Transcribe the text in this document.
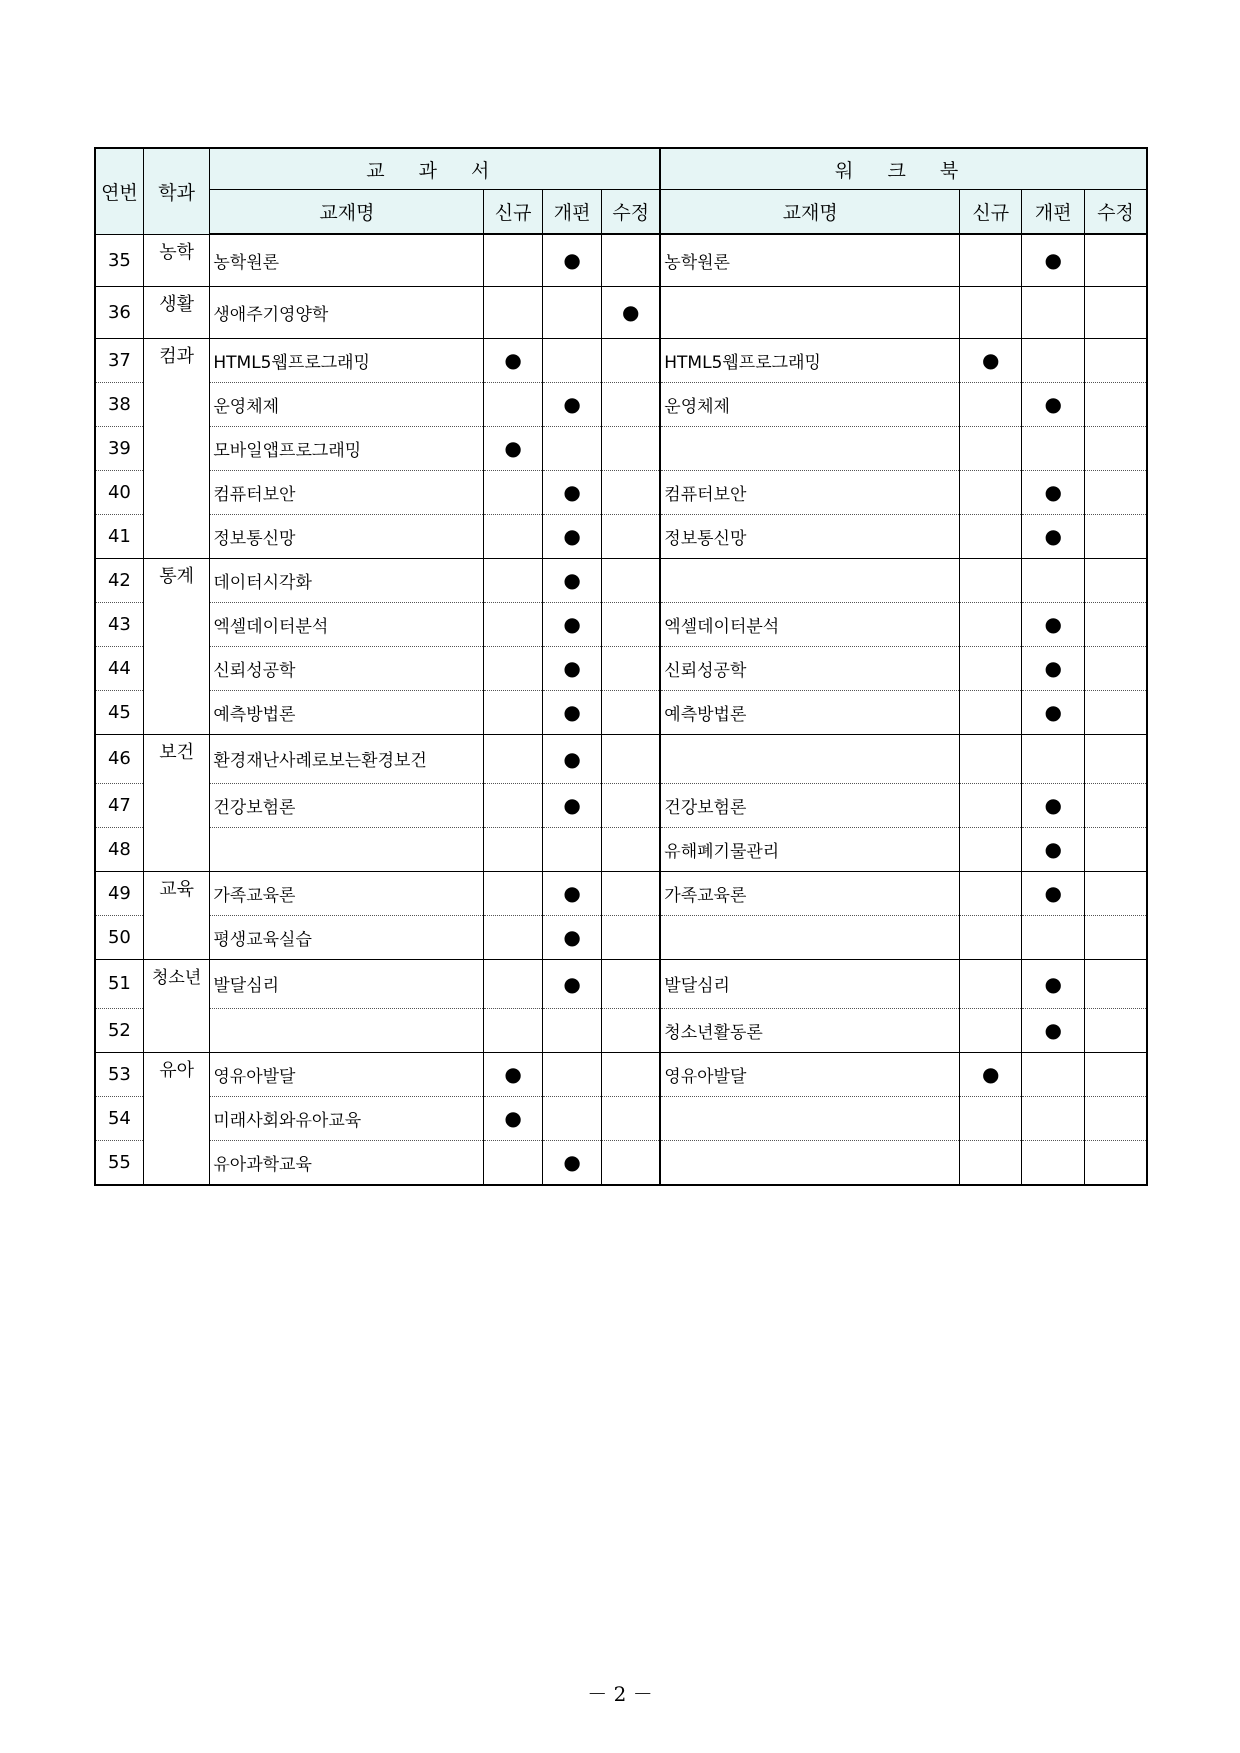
연번	학과	교 과 서				워 크 북			
		교재명	신규	개편	수정	교재명	신규	개편	수정
35	농학	농학원론		●		농학원론		●	
36	생활	생애주기영양학			●				
37	컴과	HTML5웹프로그래밍	●			HTML5웹프로그래밍	●		
38		운영체제		●		운영체제		●	
39		모바일앱프로그래밍	●						
40		컴퓨터보안		●		컴퓨터보안		●	
41		정보통신망		●		정보통신망		●	
42	통계	데이터시각화		●					
43		엑셀데이터분석		●		엑셀데이터분석		●	
44		신뢰성공학		●		신뢰성공학		●	
45		예측방법론		●		예측방법론		●	
46	보건	환경재난사례로보는환경보건		●					
47		건강보험론		●		건강보험론		●	
48						유해폐기물관리		●	
49	교육	가족교육론		●		가족교육론		●	
50		평생교육실습		●					
51	청소년	발달심리		●		발달심리		●	
52						청소년활동론		●	
53	유아	영유아발달	●			영유아발달	●		
54		미래사회와유아교육	●						
55		유아과학교육		●					
－ 2 －
